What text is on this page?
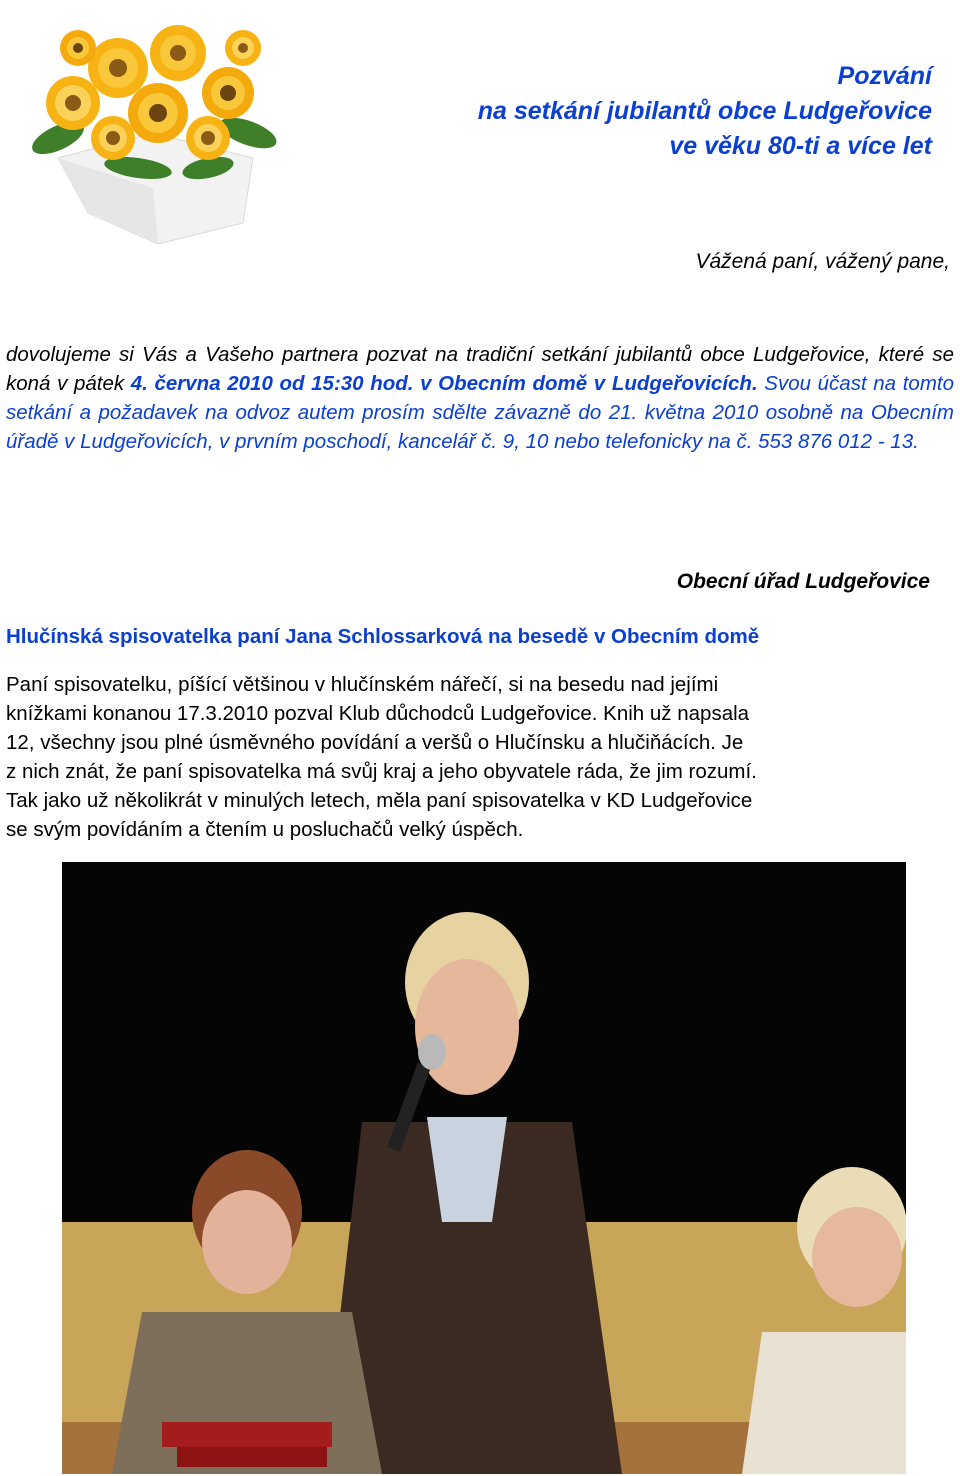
Pozvání
na setkání jubilantů obce Ludgeřovice
ve věku 80-ti a více let
Vážená paní, vážený pane,
dovolujeme si Vás a Vašeho partnera pozvat na tradiční setkání jubilantů obce Ludgeřovice, které se koná v pátek 4. června 2010 od 15:30 hod. v Obecním domě v Ludgeřovicích. Svou účast na tomto setkání a požadavek na odvoz autem prosím sdělte závazně do 21. května 2010 osobně na Obecním úřadě v Ludgeřovicích, v prvním poschodí, kancelář č. 9, 10 nebo telefonicky na č. 553 876 012 - 13.
Obecní úřad Ludgeřovice
Hlučínská spisovatelka paní Jana Schlossarková na besedě v Obecním domě
Paní spisovatelku, píšící většinou v hlučínském nářečí, si na besedu nad jejími
knížkami konanou 17.3.2010 pozval Klub důchodců Ludgeřovice. Knih už napsala
12, všechny jsou plné úsměvného povídání a veršů o Hlučínsku a hlučiňácích. Je
z nich znát, že paní spisovatelka má svůj kraj a jeho obyvatele ráda, že jim rozumí.
Tak jako už několikrát v minulých letech, měla paní spisovatelka v KD Ludgeřovice
se svým povídáním a čtením u posluchačů velký úspěch.
